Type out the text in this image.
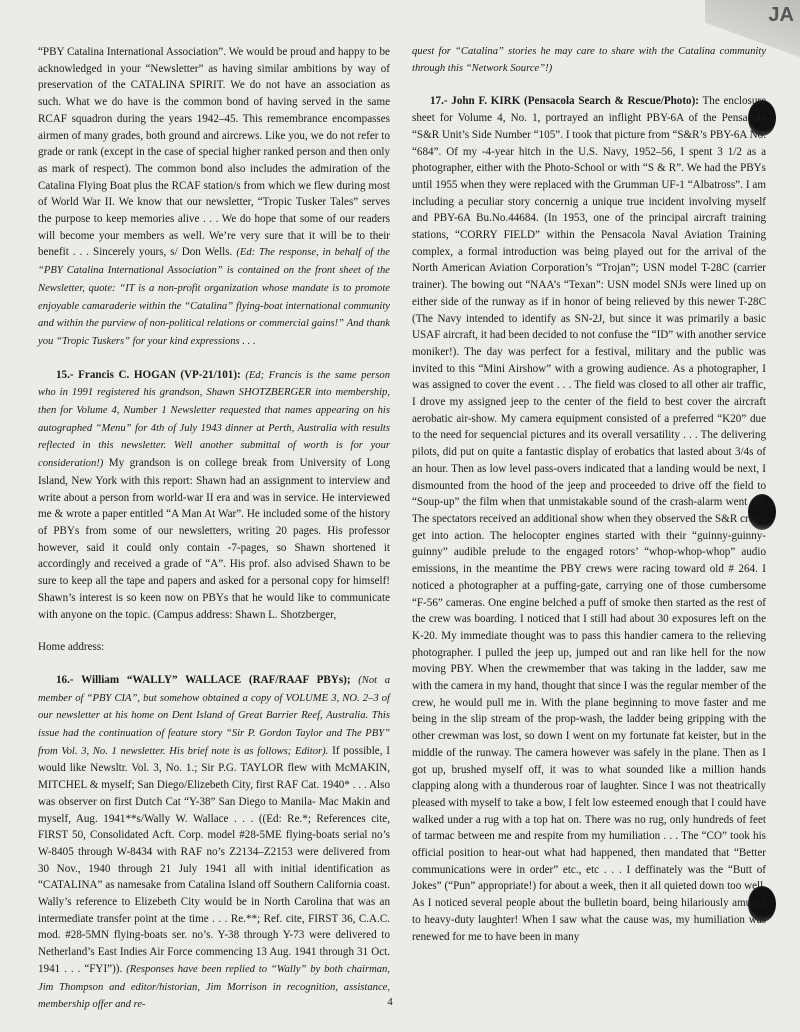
JA

“PBY Catalina International Association”. We would be proud and happy to be acknowledged in your “Newsletter” as having similar ambitions by way of preservation of the CATALINA SPIRIT. We do not have an association as such. What we do have is the common bond of having served in the same RCAF squadron during the years 1942–45. This remembrance encompasses airmen of many grades, both ground and aircrews. Like you, we do not refer to grade or rank (except in the case of special higher ranked person and then only as mark of respect). The common bond also includes the admiration of the Catalina Flying Boat plus the RCAF station/s from which we flew during most of World War II. We know that our newsletter, “Tropic Tusker Tales” serves the purpose to keep memories alive . . . We do hope that some of our readers will become your members as well. We’re very sure that it will be to their benefit . . . Sincerely yours, s/ Don Wells. (Ed: The response, in behalf of the “PBY Catalina International Association” is contained on the front sheet of the Newsletter, quote: “IT is a non-profit organization whose mandate is to promote enjoyable camaraderie within the “Catalina” flying-boat international community and within the purview of non-political relations or commercial gains!” And thank you “Tropic Tuskers” for your kind expressions . . .

15.- Francis C. HOGAN (VP-21/101): (Ed; Francis is the same person who in 1991 registered his grandson, Shawn SHOTZBERGER into membership, then for Volume 4, Number 1 Newsletter requested that names appearing on his autographed “Menu” for 4th of July 1943 dinner at Perth, Australia with results reflected in this newsletter. Well another submittal of worth is for your consideration!) My grandson is on college break from University of Long Island, New York with this report: Shawn had an assignment to interview and write about a person from world-war II era and was in service. He interviewed me & wrote a paper entitled “A Man At War”. He included some of the history of PBYs from some of our newsletters, writing 20 pages. His professor however, said it could only contain -7-pages, so Shawn shortened it accordingly and received a grade of “A”. His prof. also advised Shawn to be sure to keep all the tape and papers and asked for a personal copy for himself! Shawn’s interest is so keen now on PBYs that he would like to communicate with anyone on the topic. (Campus address: Shawn L. Shotzberger,

Home address:

16.- William “WALLY” WALLACE (RAF/RAAF PBYs); (Not a member of “PBY CIA”, but somehow obtained a copy of VOLUME 3, NO. 2–3 of our newsletter at his home on Dent Island of Great Barrier Reef, Australia. This issue had the continuation of feature story “Sir P. Gordon Taylor and The PBY” from Vol. 3, No. 1 newsletter. His brief note is as follows; Editor). If possible, I would like Newsltr. Vol. 3, No. 1.; Sir P.G. TAYLOR flew with McMAKIN, MITCHEL & myself; San Diego/Elizebeth City, first RAF Cat. 1940* . . . Also was observer on first Dutch Cat “Y-38” San Diego to Manila- Mac Makin and myself, Aug. 1941**s/Wally W. Wallace . . . ((Ed: Re.*; References cite, FIRST 50, Consolidated Acft. Corp. model #28-5ME flying-boats serial no’s W-8405 through W-8434 with RAF no’s Z2134–Z2153 were delivered from 30 Nov., 1940 through 21 July 1941 all with initial identification as “CATALINA” as namesake from Catalina Island off Southern California coast. Wally’s reference to Elizebeth City would be in North Carolina that was an intermediate transfer point at the time . . . Re.**; Ref. cite, FIRST 36, C.A.C. mod. #28-5MN flying-boats ser. no’s. Y-38 through Y-73 were delivered to Netherland’s East Indies Air Force commencing 13 Aug. 1941 through 31 Oct. 1941 . . . “FYI”)). (Responses have been replied to “Wally” by both chairman, Jim Thompson and editor/historian, Jim Morrison in recognition, assistance, membership offer and re-

quest for “Catalina” stories he may care to share with the Catalina community through this “Network Source”!)

17.- John F. KIRK (Pensacola Search & Rescue/Photo): The enclosure sheet for Volume 4, No. 1, portrayed an inflight PBY-6A of the Pensacola “S&R Unit’s Side Number “105”. I took that picture from “S&R’s PBY-6A No. “684”. Of my -4-year hitch in the U.S. Navy, 1952–56, I spent 3 1/2 as a photographer, either with the Photo-School or with “S & R”. We had the PBYs until 1955 when they were replaced with the Grumman UF-1 “Albatross”. I am including a peculiar story concernig a unique true incident involving myself and PBY-6A Bu.No.44684. (In 1953, one of the principal aircraft training stations, “CORRY FIELD” within the Pensacola Naval Aviation Training complex, a formal introduction was being played out for the arrival of the North American Aviation Corporation’s “Trojan”; USN model T-28C (carrier trainer). The bowing out “NAA’s “Texan”: USN model SNJs were lined up on either side of the runway as if in honor of being relieved by this newer T-28C (The Navy intended to identify as SN-2J, but since it was primarily a basic USAF aircraft, it had been decided to not confuse the “ID” with another service moniker!). The day was perfect for a festival, military and the public was invited to this “Mini Airshow” with a growing audience. As a photographer, I was assigned to cover the event . . . The field was closed to all other air traffic, I drove my assigned jeep to the center of the field to best cover the aircraft aerobatic air-show. My camera equipment consisted of a preferred “K20” due to the need for sequencial pictures and its overall versatility . . . The delivering pilots, did put on quite a fantastic display of erobatics that lasted about 3/4s of an hour. Then as low level pass-overs indicated that a landing would be next, I dismounted from the hood of the jeep and proceeded to drive off the field to “Soup-up” the film when that unmistakable sound of the crash-alarm went off. The spectators received an additional show when they observed the S&R crews get into action. The helocopter engines started with their “guinny-guinny-guinny” audible prelude to the engaged rotors’ “whop-whop-whop” audio emissions, in the meantime the PBY crews were racing toward old # 264. I noticed a photographer at a puffing-gate, carrying one of those cumbersome “F-56” cameras. One engine belched a puff of smoke then started as the rest of the crew was boarding. I noticed that I still had about 30 exposures left on the K-20. My immediate thought was to pass this handier camera to the relieving photographer. I pulled the jeep up, jumped out and ran like hell for the now moving PBY. When the crewmember that was taking in the ladder, saw me with the camera in my hand, thought that since I was the regular member of the crew, he would pull me in. With the plane beginning to move faster and me being in the slip stream of the prop-wash, the ladder being gripping with the other crewman was lost, so down I went on my fortunate fat keister, but in the middle of the runway. The camera however was safely in the plane. Then as I got up, brushed myself off, it was to what sounded like a million hands clapping along with a thunderous roar of laughter. Since I was not theatrically pleased with myself to take a bow, I felt low esteemed enough that I could have walked under a rug with a top hat on. There was no rug, only hundreds of feet of tarmac between me and respite from my humiliation . . . The “CO” took his official position to hear-out what had happened, then mandated that “Better communications were in order” etc., etc . . . I deffinately was the “Butt of Jokes” (“Pun” appropriate!) for about a week, then it all quieted down too well. As I noticed several people about the bulletin board, being hilariously amused to heavy-duty laughter! When I saw what the cause was, my humiliation was renewed for me to have been in many

4
